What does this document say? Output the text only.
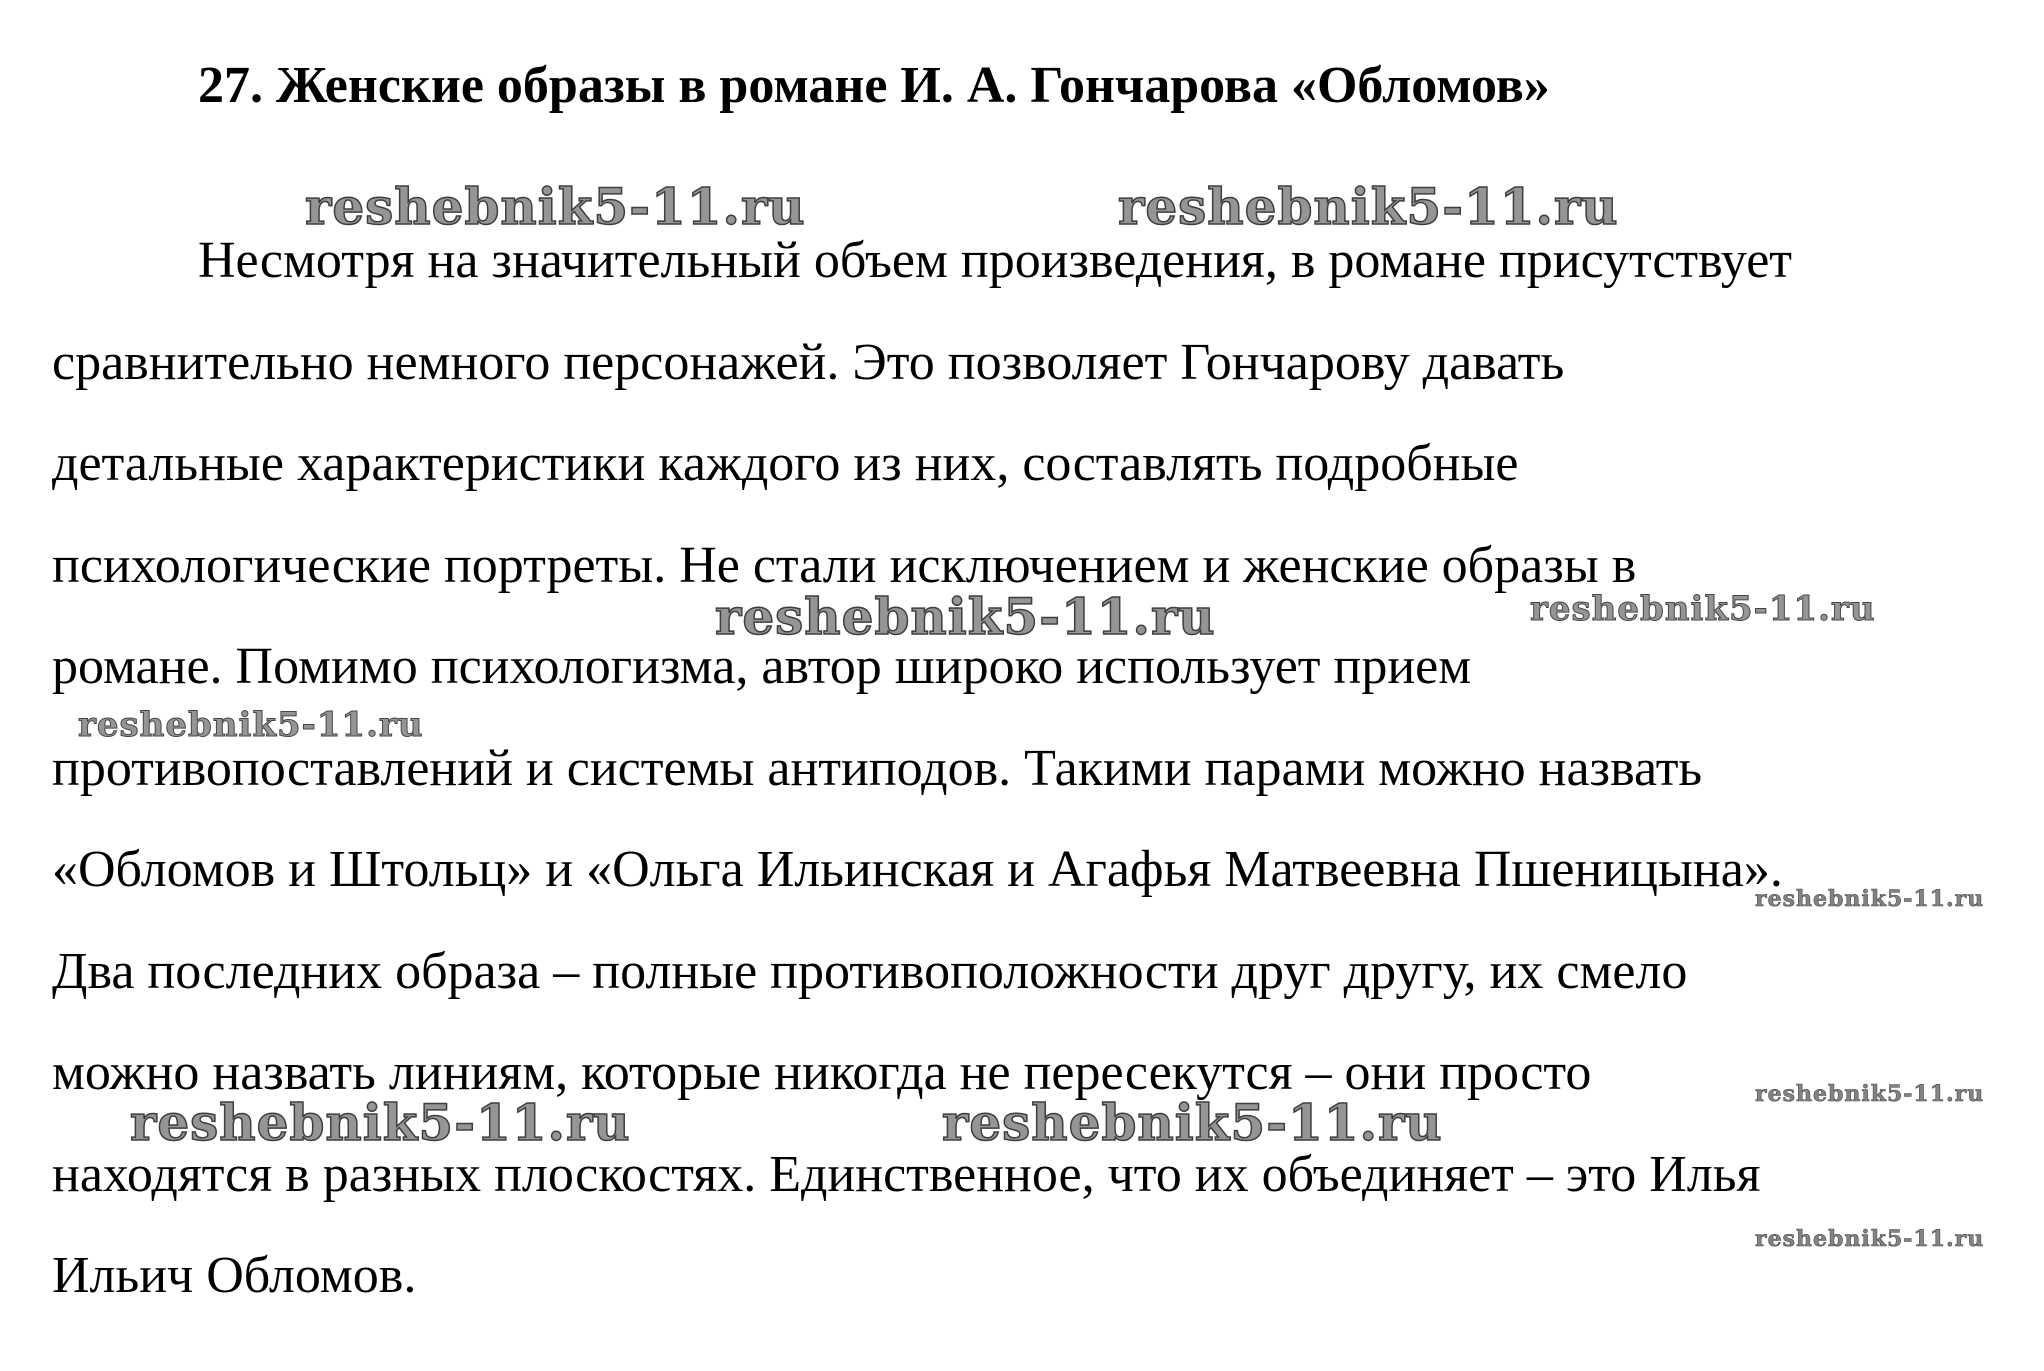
27. Женские образы в романе И. А. Гончарова «Обломов»
Несмотря на значительный объем произведения, в романе присутствует
сравнительно немного персонажей. Это позволяет Гончарову давать
детальные характеристики каждого из них, составлять подробные
психологические портреты. Не стали исключением и женские образы в
романе. Помимо психологизма, автор широко использует прием
противопоставлений и системы антиподов. Такими парами можно назвать
«Обломов и Штольц» и «Ольга Ильинская и Агафья Матвеевна Пшеницына».
Два последних образа – полные противоположности друг другу, их смело
можно назвать линиям, которые никогда не пересекутся – они просто
находятся в разных плоскостях. Единственное, что их объединяет – это Илья
Ильич Обломов.
reshebnik5-11.ru	reshebnik5-11.ru
reshebnik5-11.ru	reshebnik5-11.ru
reshebnik5-11.ru
reshebnik5-11.ru
reshebnik5-11.ru
reshebnik5-11.ru	reshebnik5-11.ru
reshebnik5-11.ru
